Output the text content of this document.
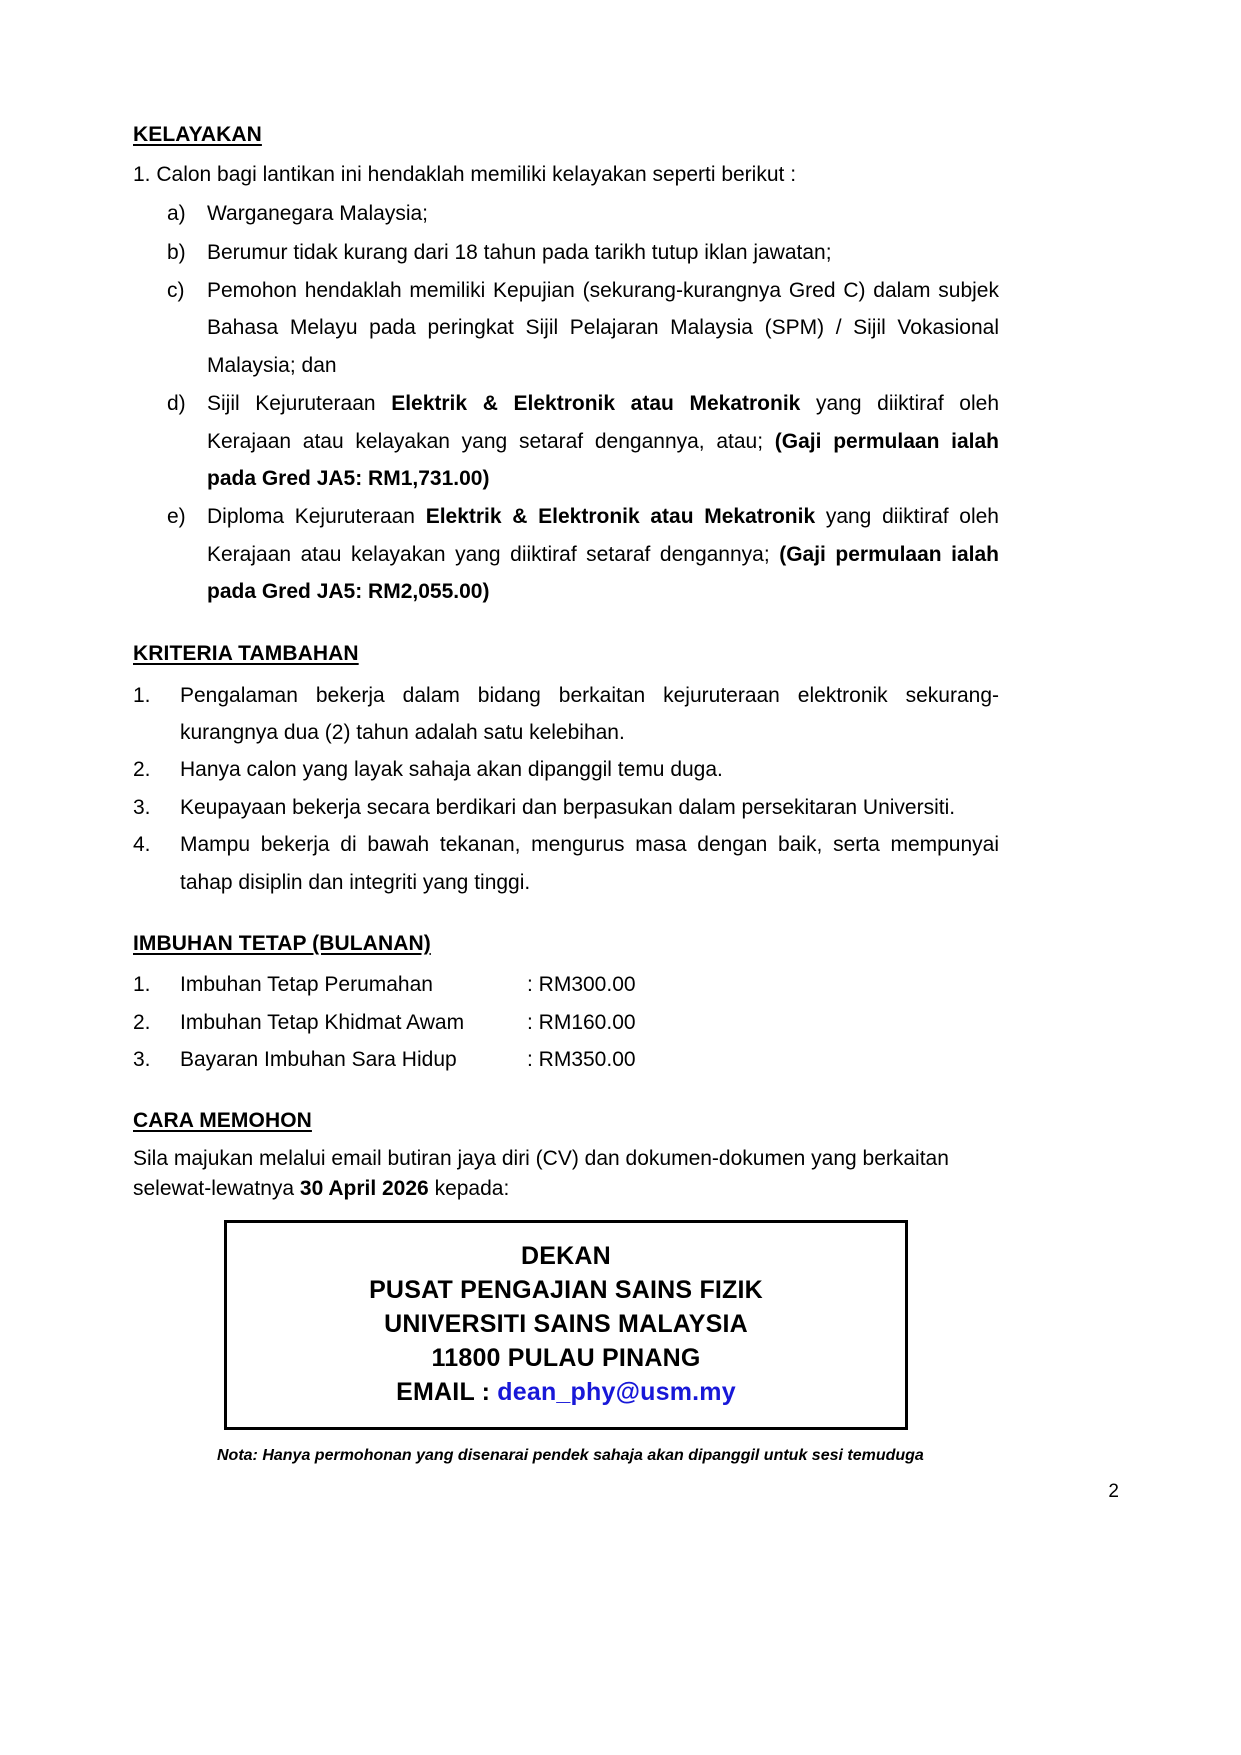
KELAYAKAN
1. Calon bagi lantikan ini hendaklah memiliki kelayakan seperti berikut :
a)	Warganegara Malaysia;
b)	Berumur tidak kurang dari 18 tahun pada tarikh tutup iklan jawatan;
c)	Pemohon hendaklah memiliki Kepujian (sekurang-kurangnya Gred C) dalam subjek Bahasa Melayu pada peringkat Sijil Pelajaran Malaysia (SPM) / Sijil Vokasional Malaysia; dan
d)	Sijil Kejuruteraan Elektrik & Elektronik atau Mekatronik yang diiktiraf oleh Kerajaan atau kelayakan yang setaraf dengannya, atau; (Gaji permulaan ialah pada Gred JA5: RM1,731.00)
e)	Diploma Kejuruteraan Elektrik & Elektronik atau Mekatronik yang diiktiraf oleh Kerajaan atau kelayakan yang diiktiraf setaraf dengannya; (Gaji permulaan ialah pada Gred JA5: RM2,055.00)
KRITERIA TAMBAHAN
1.	Pengalaman bekerja dalam bidang berkaitan kejuruteraan elektronik sekurang-kurangnya dua (2) tahun adalah satu kelebihan.
2.	Hanya calon yang layak sahaja akan dipanggil temu duga.
3.	Keupayaan bekerja secara berdikari dan berpasukan dalam persekitaran Universiti.
4.	Mampu bekerja di bawah tekanan, mengurus masa dengan baik, serta mempunyai tahap disiplin dan integriti yang tinggi.
IMBUHAN TETAP (BULANAN)
1.	Imbuhan Tetap Perumahan	: RM300.00
2.	Imbuhan Tetap Khidmat Awam	: RM160.00
3.	Bayaran Imbuhan Sara Hidup	: RM350.00
CARA MEMOHON
Sila majukan melalui email butiran jaya diri (CV) dan dokumen-dokumen yang berkaitan selewat-lewatnya 30 April 2026 kepada:
DEKAN
PUSAT PENGAJIAN SAINS FIZIK
UNIVERSITI SAINS MALAYSIA
11800 PULAU PINANG
EMAIL : dean_phy@usm.my
Nota: Hanya permohonan yang disenarai pendek sahaja akan dipanggil untuk sesi temuduga
2
